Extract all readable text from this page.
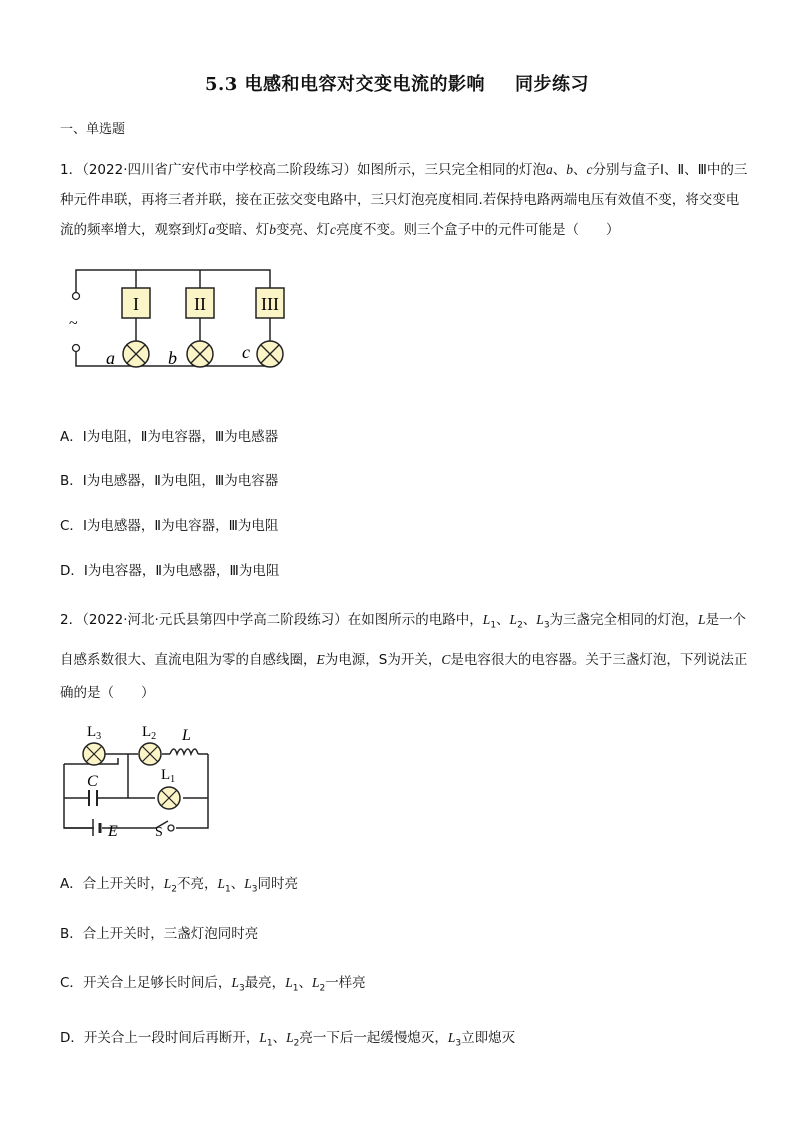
5.3 电感和电容对交变电流的影响 同步练习
一、单选题
1．（2022·四川省广安代市中学校高二阶段练习）如图所示，三只完全相同的灯泡a、b、c分别与盒子Ⅰ、Ⅱ、Ⅲ中的三种元件串联，再将三者并联，接在正弦交变电路中，三只灯泡亮度相同.若保持电路两端电压有效值不变，将交变电流的频率增大，观察到灯a变暗、灯b变亮、灯c亮度不变。则三个盒子中的元件可能是（　　）
~
I	II	III
a	b	c
A．Ⅰ为电阻，Ⅱ为电容器，Ⅲ为电感器
B．Ⅰ为电感器，Ⅱ为电阻，Ⅲ为电容器
C．Ⅰ为电感器，Ⅱ为电容器，Ⅲ为电阻
D．Ⅰ为电容器，Ⅱ为电感器，Ⅲ为电阻
2．（2022·河北·元氏县第四中学高二阶段练习）在如图所示的电路中，$L_1$、$L_2$、$L_3$为三盏完全相同的灯泡，L是一个自感系数很大、直流电阻为零的自感线圈，E为电源，S为开关，C是电容很大的电容器。关于三盏灯泡，下列说法正确的是（　　）
$L_3$	$L_2$ L
C	$L_1$
E	S
A．合上开关时，$L_2$不亮，$L_1$、$L_3$同时亮
B．合上开关时，三盏灯泡同时亮
C．开关合上足够长时间后，$L_3$最亮，$L_1$、$L_2$一样亮
D．开关合上一段时间后再断开，$L_1$、$L_2$亮一下后一起缓慢熄灭，$L_3$立即熄灭
